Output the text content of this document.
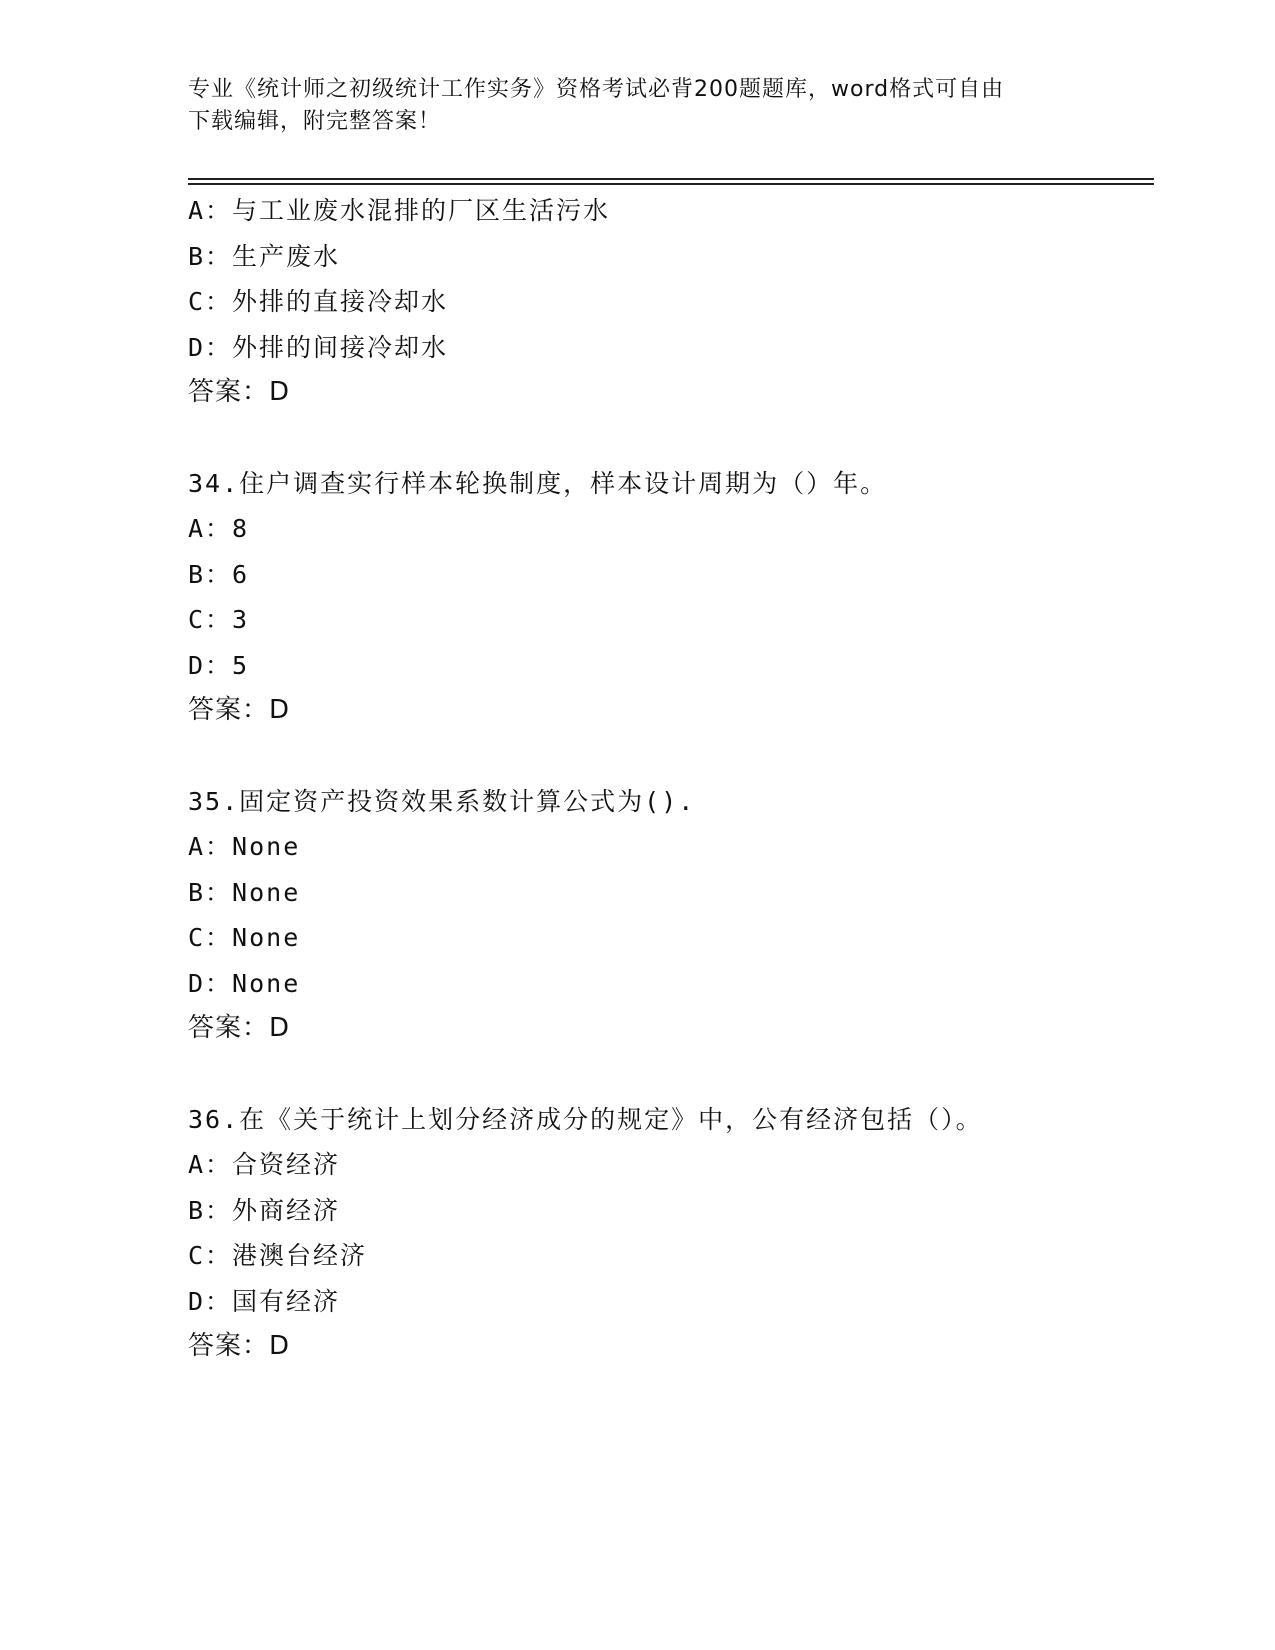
专业《统计师之初级统计工作实务》资格考试必背200题题库，word格式可自由
下载编辑，附完整答案！
A：与工业废水混排的厂区生活污水
B：生产废水
C：外排的直接冷却水
D：外排的间接冷却水
答案：D
34.住户调查实行样本轮换制度，样本设计周期为（）年。
A：8
B：6
C：3
D：5
答案：D
35.固定资产投资效果系数计算公式为().
A：None
B：None
C：None
D：None
答案：D
36.在《关于统计上划分经济成分的规定》中，公有经济包括（）。
A：合资经济
B：外商经济
C：港澳台经济
D：国有经济
答案：D
